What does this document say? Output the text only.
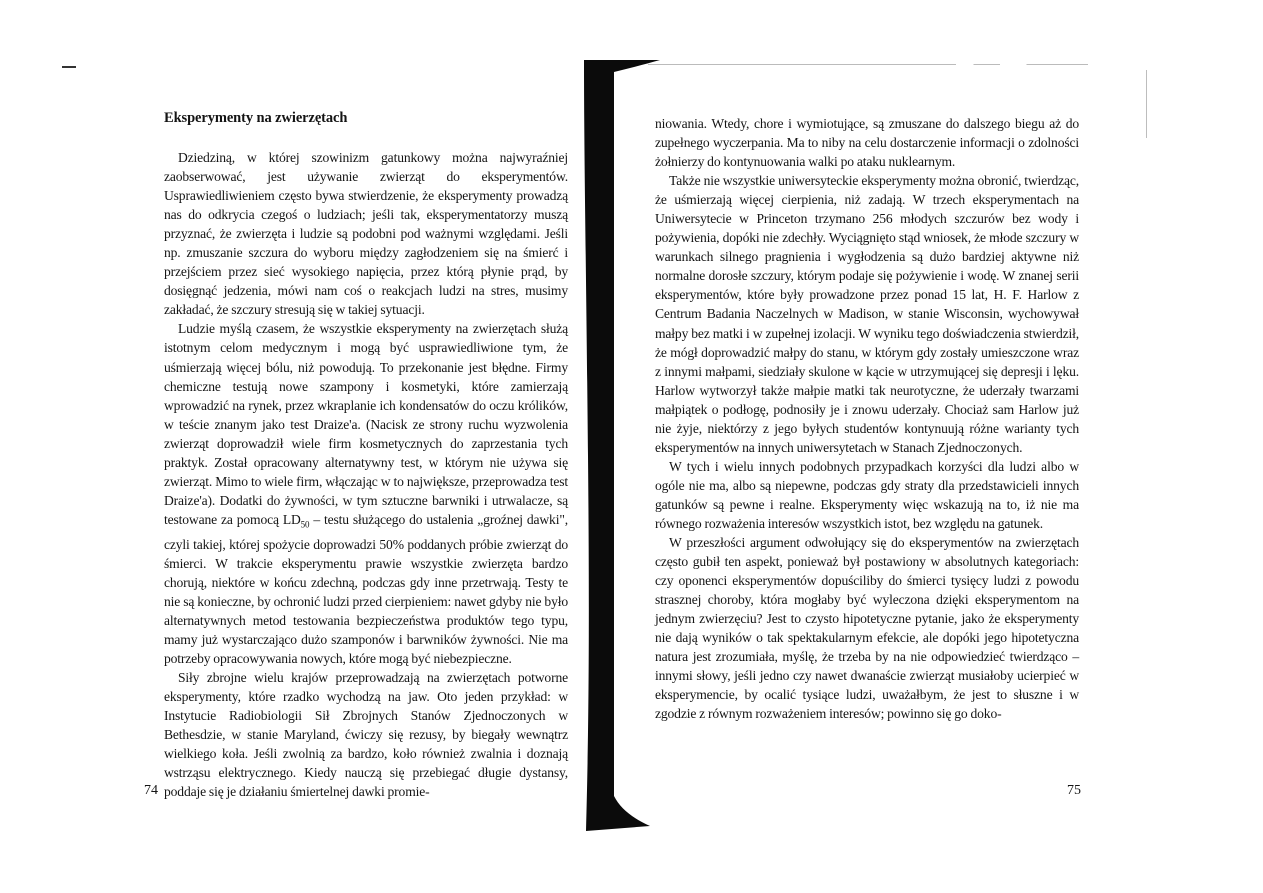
Eksperymenty na zwierzętach

Dziedziną, w której szowinizm gatunkowy można najwyraźniej zaobserwować, jest używanie zwierząt do eksperymentów. Usprawiedliwieniem często bywa stwierdzenie, że eksperymenty prowadzą nas do odkrycia czegoś o ludziach; jeśli tak, eksperymentatorzy muszą przyznać, że zwierzęta i ludzie są podobni pod ważnymi względami. Jeśli np. zmuszanie szczura do wyboru między zagłodzeniem się na śmierć i przejściem przez sieć wysokiego napięcia, przez którą płynie prąd, by dosięgnąć jedzenia, mówi nam coś o reakcjach ludzi na stres, musimy zakładać, że szczury stresują się w takiej sytuacji.

Ludzie myślą czasem, że wszystkie eksperymenty na zwierzętach służą istotnym celom medycznym i mogą być usprawiedliwione tym, że uśmierzają więcej bólu, niż powodują. To przekonanie jest błędne. Firmy chemiczne testują nowe szampony i kosmetyki, które zamierzają wprowadzić na rynek, przez wkraplanie ich kondensatów do oczu królików, w teście znanym jako test Draize'a. (Nacisk ze strony ruchu wyzwolenia zwierząt doprowadził wiele firm kosmetycznych do zaprzestania tych praktyk. Został opracowany alternatywny test, w którym nie używa się zwierząt. Mimo to wiele firm, włączając w to największe, przeprowadza test Draize'a). Dodatki do żywności, w tym sztuczne barwniki i utrwalacze, są testowane za pomocą $LD_{50}$ – testu służącego do ustalenia „groźnej dawki", czyli takiej, której spożycie doprowadzi 50% poddanych próbie zwierząt do śmierci. W trakcie eksperymentu prawie wszystkie zwierzęta bardzo chorują, niektóre w końcu zdechną, podczas gdy inne przetrwają. Testy te nie są konieczne, by ochronić ludzi przed cierpieniem: nawet gdyby nie było alternatywnych metod testowania bezpieczeństwa produktów tego typu, mamy już wystarczająco dużo szamponów i barwników żywności. Nie ma potrzeby opracowywania nowych, które mogą być niebezpieczne.

Siły zbrojne wielu krajów przeprowadzają na zwierzętach potworne eksperymenty, które rzadko wychodzą na jaw. Oto jeden przykład: w Instytucie Radiobiologii Sił Zbrojnych Stanów Zjednoczonych w Bethesdzie, w stanie Maryland, ćwiczy się rezusy, by biegały wewnątrz wielkiego koła. Jeśli zwolnią za bardzo, koło również zwalnia i doznają wstrząsu elektrycznego. Kiedy nauczą się przebiegać długie dystansy, poddaje się je działaniu śmiertelnej dawki promie-

74

niowania. Wtedy, chore i wymiotujące, są zmuszane do dalszego biegu aż do zupełnego wyczerpania. Ma to niby na celu dostarczenie informacji o zdolności żołnierzy do kontynuowania walki po ataku nuklearnym.

Także nie wszystkie uniwersyteckie eksperymenty można obronić, twierdząc, że uśmierzają więcej cierpienia, niż zadają. W trzech eksperymentach na Uniwersytecie w Princeton trzymano 256 młodych szczurów bez wody i pożywienia, dopóki nie zdechły. Wyciągnięto stąd wniosek, że młode szczury w warunkach silnego pragnienia i wygłodzenia są dużo bardziej aktywne niż normalne dorosłe szczury, którym podaje się pożywienie i wodę. W znanej serii eksperymentów, które były prowadzone przez ponad 15 lat, H. F. Harlow z Centrum Badania Naczelnych w Madison, w stanie Wisconsin, wychowywał małpy bez matki i w zupełnej izolacji. W wyniku tego doświadczenia stwierdził, że mógł doprowadzić małpy do stanu, w którym gdy zostały umieszczone wraz z innymi małpami, siedziały skulone w kącie w utrzymującej się depresji i lęku. Harlow wytworzył także małpie matki tak neurotyczne, że uderzały twarzami małpiątek o podłogę, podnosiły je i znowu uderzały. Chociaż sam Harlow już nie żyje, niektórzy z jego byłych studentów kontynuują różne warianty tych eksperymentów na innych uniwersytetach w Stanach Zjednoczonych.

W tych i wielu innych podobnych przypadkach korzyści dla ludzi albo w ogóle nie ma, albo są niepewne, podczas gdy straty dla przedstawicieli innych gatunków są pewne i realne. Eksperymenty więc wskazują na to, iż nie ma równego rozważenia interesów wszystkich istot, bez względu na gatunek.

W przeszłości argument odwołujący się do eksperymentów na zwierzętach często gubił ten aspekt, ponieważ był postawiony w absolutnych kategoriach: czy oponenci eksperymentów dopuściliby do śmierci tysięcy ludzi z powodu strasznej choroby, która mogłaby być wyleczona dzięki eksperymentom na jednym zwierzęciu? Jest to czysto hipotetyczne pytanie, jako że eksperymenty nie dają wyników o tak spektakularnym efekcie, ale dopóki jego hipotetyczna natura jest zrozumiała, myślę, że trzeba by na nie odpowiedzieć twierdząco – innymi słowy, jeśli jedno czy nawet dwanaście zwierząt musiałoby ucierpieć w eksperymencie, by ocalić tysiące ludzi, uważałbym, że jest to słuszne i w zgodzie z równym rozważeniem interesów; powinno się go doko-

75
